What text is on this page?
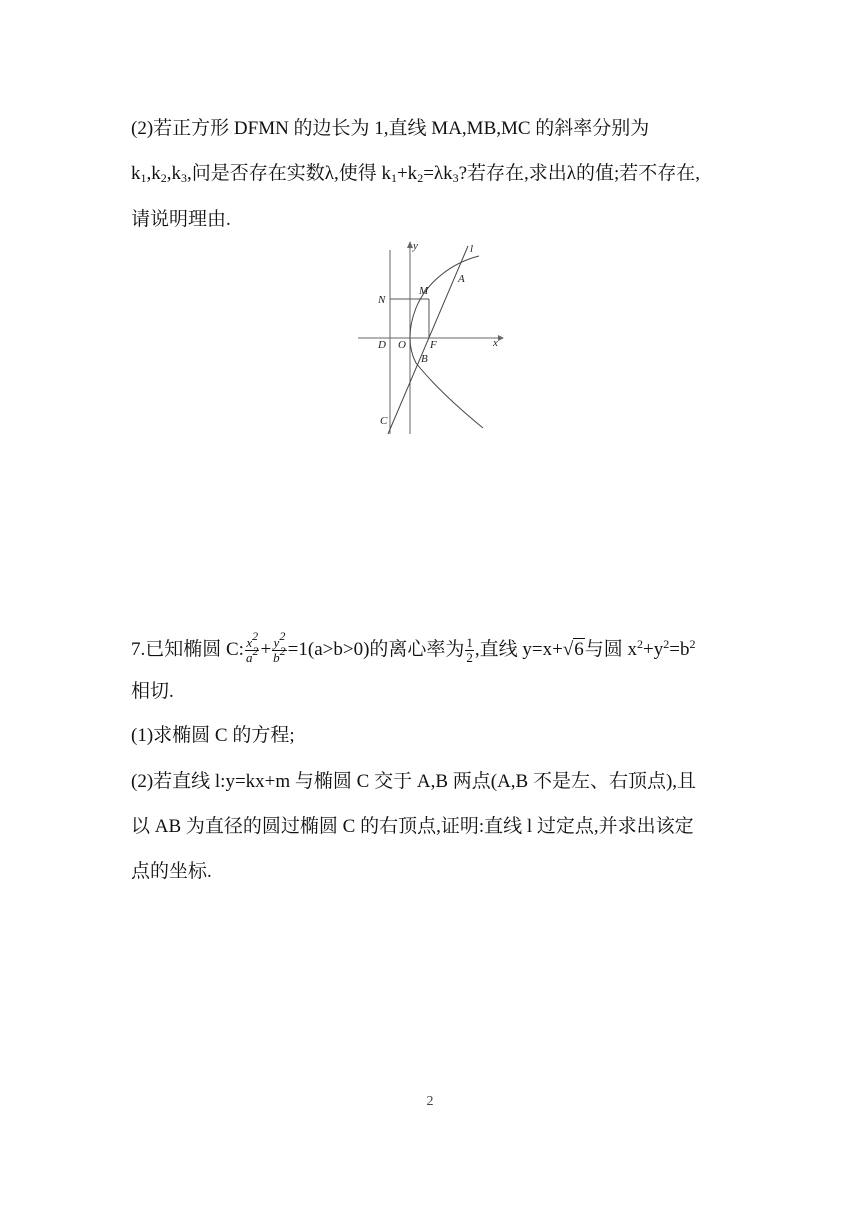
(2)若正方形 DFMN 的边长为 1,直线 MA,MB,MC 的斜率分别为
$k_1,k_2,k_3$,问是否存在实数λ,使得 $k_1+k_2=\lambda k_3$?若存在,求出λ的值;若不存在,
请说明理由.
y	l
A
N
M
D O F
B
x
C
7.已知椭圆 C: $\frac{x^2}{a^2} + \frac{y^2}{b^2} =1(a>b>0)$的离心率为 $\frac{1}{2}$ ,直线 y=x+√6与圆 $x^2+y^2=b^2$
相切.
(1)求椭圆 C 的方程;
(2)若直线 l:y=kx+m 与椭圆 C 交于 A,B 两点(A,B 不是左、右顶点),且
以 AB 为直径的圆过椭圆 C 的右顶点,证明:直线 l 过定点,并求出该定
点的坐标.
2
